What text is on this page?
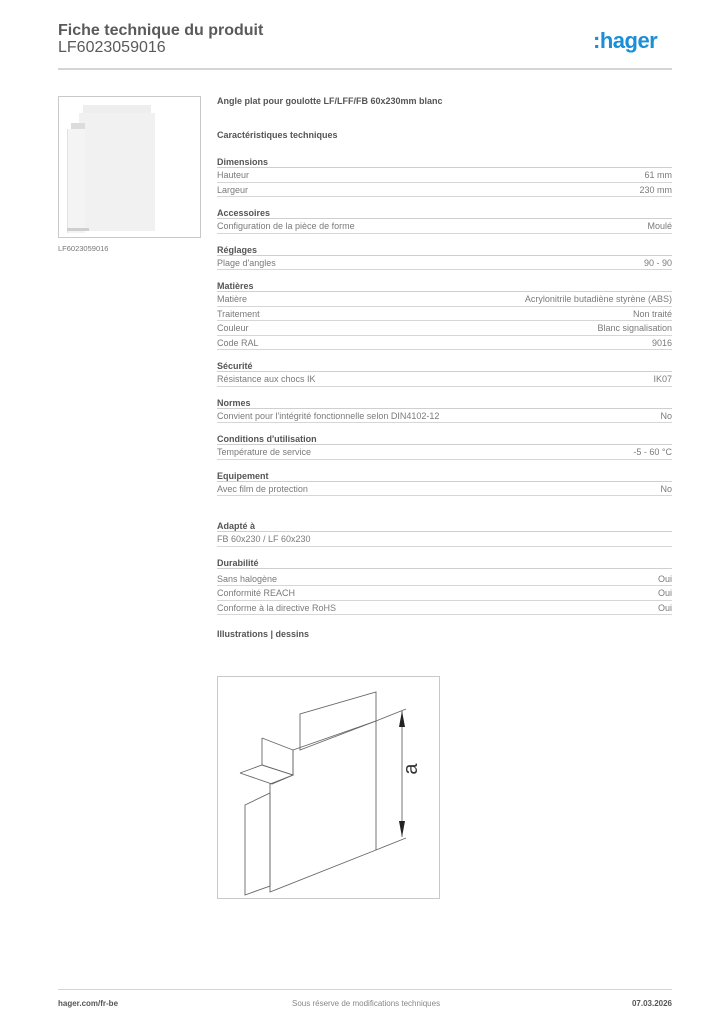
Fiche technique du produit
LF6023059016	:hager
LF6023059016
Angle plat pour goulotte LF/LFF/FB 60x230mm blanc
Caractéristiques techniques
Dimensions
Hauteur	61 mm
Largeur	230 mm
Accessoires
Configuration de la pièce de forme	Moulé
Réglages
Plage d'angles	90 - 90
Matières
Matière	Acrylonitrile butadiène styrène (ABS)
Traitement	Non traité
Couleur	Blanc signalisation
Code RAL	9016
Sécurité
Résistance aux chocs IK	IK07
Normes
Convient pour l'intégrité fonctionnelle selon DIN4102-12	No
Conditions d'utilisation
Température de service	-5 - 60 °C
Equipement
Avec film de protection	No
Adapté à
FB 60x230 / LF 60x230
Durabilité
Sans halogène	Oui
Conformité REACH	Oui
Conforme à la directive RoHS	Oui
Illustrations | dessins
a
hager.com/fr-be	Sous réserve de modifications techniques	07.03.2026
